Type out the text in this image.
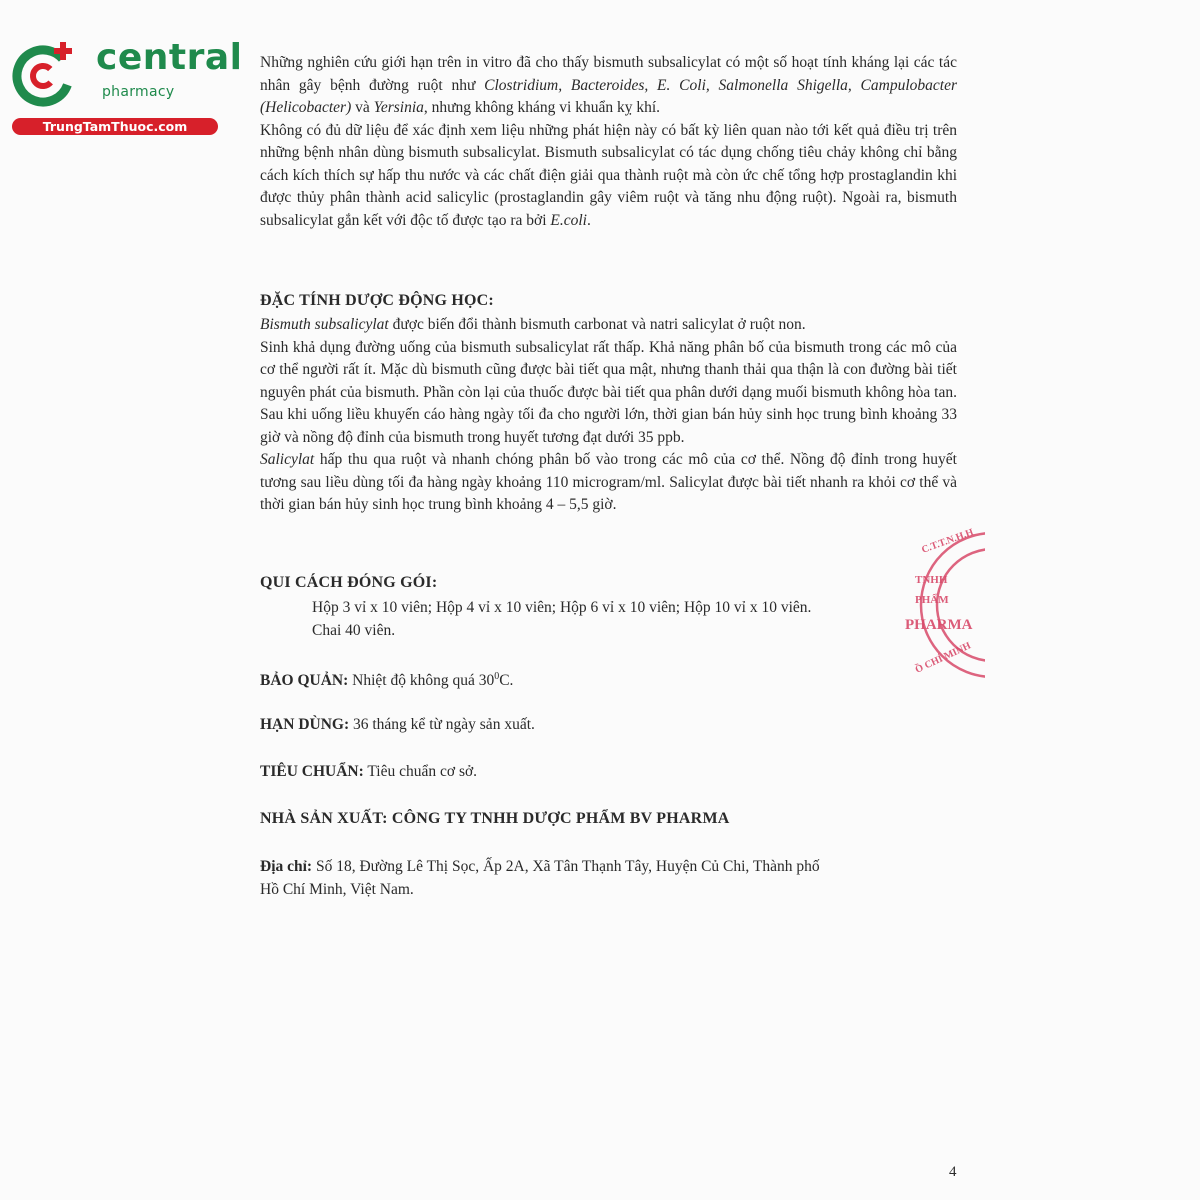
central
pharmacy
TrungTamThuoc.com

Những nghiên cứu giới hạn trên in vitro đã cho thấy bismuth subsalicylat có một số hoạt tính kháng lại các tác nhân gây bệnh đường ruột như Clostridium, Bacteroides, E. Coli, Salmonella Shigella, Campulobacter (Helicobacter) và Yersinia, nhưng không kháng vi khuẩn kỵ khí.

Không có đủ dữ liệu để xác định xem liệu những phát hiện này có bất kỳ liên quan nào tới kết quả điều trị trên những bệnh nhân dùng bismuth subsalicylat. Bismuth subsalicylat có tác dụng chống tiêu chảy không chỉ bằng cách kích thích sự hấp thu nước và các chất điện giải qua thành ruột mà còn ức chế tổng hợp prostaglandin khi được thủy phân thành acid salicylic (prostaglandin gây viêm ruột và tăng nhu động ruột). Ngoài ra, bismuth subsalicylat gắn kết với độc tố được tạo ra bởi E.coli.

ĐẶC TÍNH DƯỢC ĐỘNG HỌC:

Bismuth subsalicylat được biến đổi thành bismuth carbonat và natri salicylat ở ruột non.

Sinh khả dụng đường uống của bismuth subsalicylat rất thấp. Khả năng phân bố của bismuth trong các mô của cơ thể người rất ít. Mặc dù bismuth cũng được bài tiết qua mật, nhưng thanh thải qua thận là con đường bài tiết nguyên phát của bismuth. Phần còn lại của thuốc được bài tiết qua phân dưới dạng muối bismuth không hòa tan. Sau khi uống liều khuyến cáo hàng ngày tối đa cho người lớn, thời gian bán hủy sinh học trung bình khoảng 33 giờ và nồng độ đỉnh của bismuth trong huyết tương đạt dưới 35 ppb.

Salicylat hấp thu qua ruột và nhanh chóng phân bố vào trong các mô của cơ thể. Nồng độ đỉnh trong huyết tương sau liều dùng tối đa hàng ngày khoảng 110 microgram/ml. Salicylat được bài tiết nhanh ra khỏi cơ thể và thời gian bán hủy sinh học trung bình khoảng 4 – 5,5 giờ.

QUI CÁCH ĐÓNG GÓI:
Hộp 3 vỉ x 10 viên; Hộp 4 vỉ x 10 viên; Hộp 6 vỉ x 10 viên; Hộp 10 vỉ x 10 viên.
Chai 40 viên.
BẢO QUẢN: Nhiệt độ không quá $30^0C$.
HẠN DÙNG: 36 tháng kể từ ngày sản xuất.
TIÊU CHUẨN: Tiêu chuẩn cơ sở.
NHÀ SẢN XUẤT: CÔNG TY TNHH DƯỢC PHẨM BV PHARMA
Địa chỉ: Số 18, Đường Lê Thị Sọc, Ấp 2A, Xã Tân Thạnh Tây, Huyện Củ Chi, Thành phố
Hồ Chí Minh, Việt Nam.
C.T.T.N.H.H
TNHH
PHẨM
PHARMA
Ồ CHÍ MINH
4
